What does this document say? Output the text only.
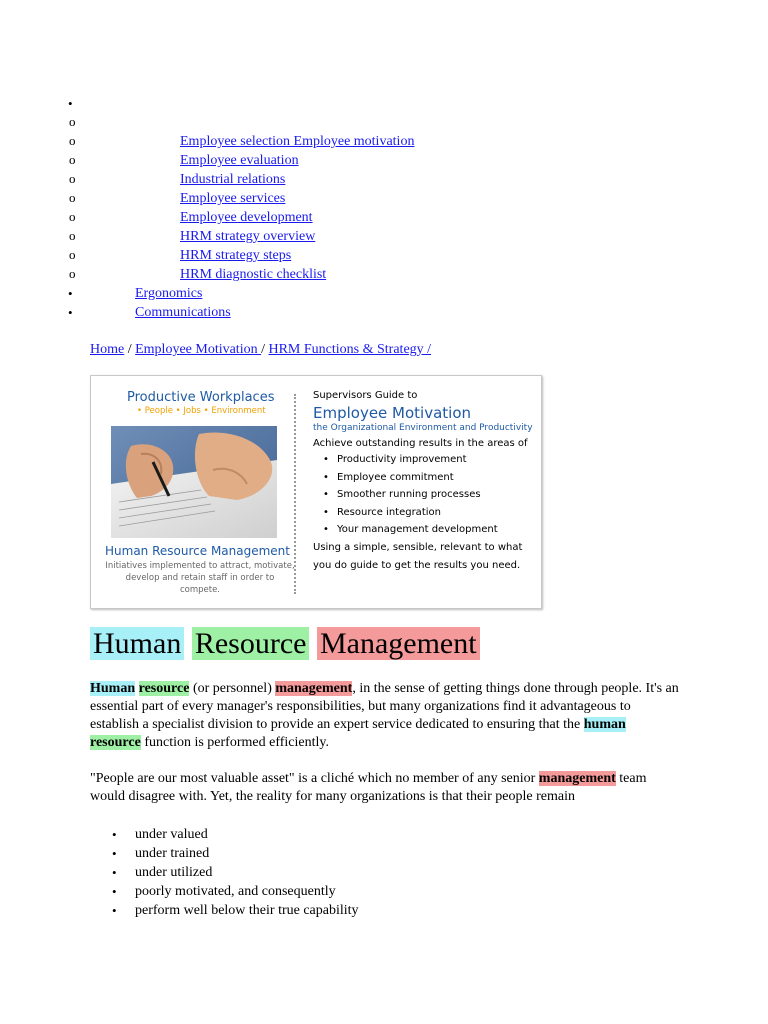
•
o
o Employee selection Employee motivation
o Employee evaluation
o Industrial relations
o Employee services
o Employee development
o HRM strategy overview
o HRM strategy steps
o HRM diagnostic checklist
• Ergonomics
• Communications
Home / Employee Motivation / HRM Functions & Strategy /
Productive Workplaces
• People • Jobs • Environment
Human Resource Management
Initiatives implemented to attract, motivate, develop and retain staff in order to compete.
Supervisors Guide to
Employee Motivation
the Organizational Environment and Productivity
Achieve outstanding results in the areas of
• Productivity improvement
• Employee commitment
• Smoother running processes
• Resource integration
• Your management development
Using a simple, sensible, relevant to what you do guide to get the results you need.
Human Resource Management

Human resource (or personnel) management, in the sense of getting things done through people. It's an essential part of every manager's responsibilities, but many organizations find it advantageous to establish a specialist division to provide an expert service dedicated to ensuring that the human resource function is performed efficiently.

"People are our most valuable asset" is a cliché which no member of any senior management team would disagree with. Yet, the reality for many organizations is that their people remain

• under valued
• under trained
• under utilized
• poorly motivated, and consequently
• perform well below their true capability
